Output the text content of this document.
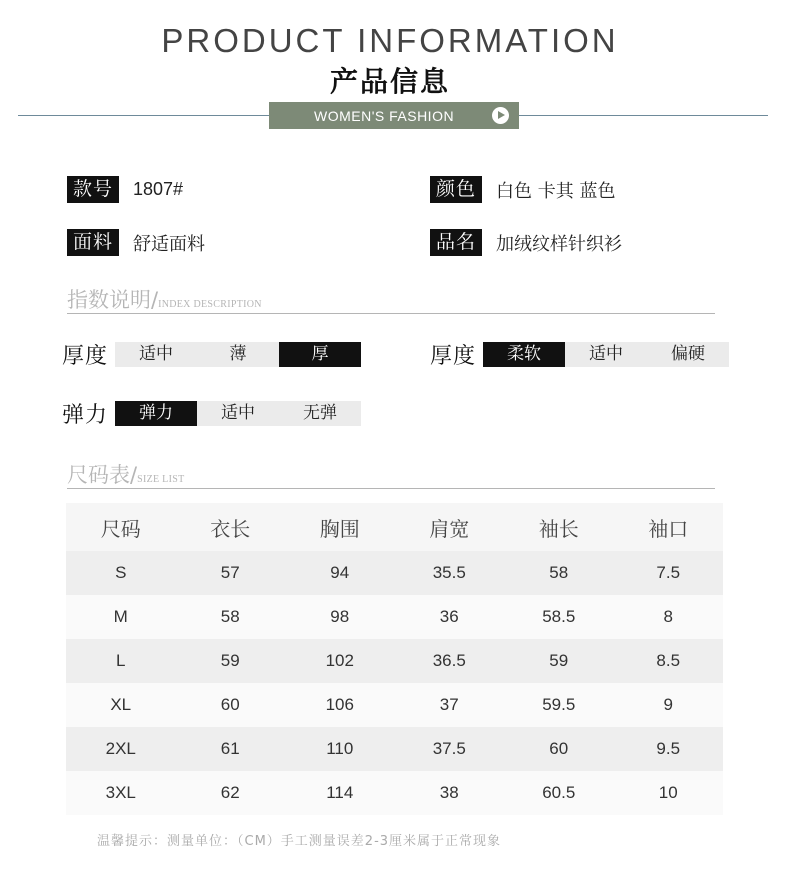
PRODUCT INFORMATION
产品信息
WOMEN'S FASHION
款号	1807#	颜色	白色 卡其 蓝色
面料	舒适面料	品名	加绒纹样针织衫
指数说明/INDEX DESCRIPTION
厚度	适中	薄	厚	厚度	柔软	适中	偏硬
弹力	弹力	适中	无弹
尺码表/SIZE LIST
尺码	衣长	胸围	肩宽	袖长	袖口
S	57	94	35.5	58	7.5
M	58	98	36	58.5	8
L	59	102	36.5	59	8.5
XL	60	106	37	59.5	9
2XL	61	110	37.5	60	9.5
3XL	62	114	38	60.5	10
温馨提示：测量单位：（CM）手工测量误差2-3厘米属于正常现象
